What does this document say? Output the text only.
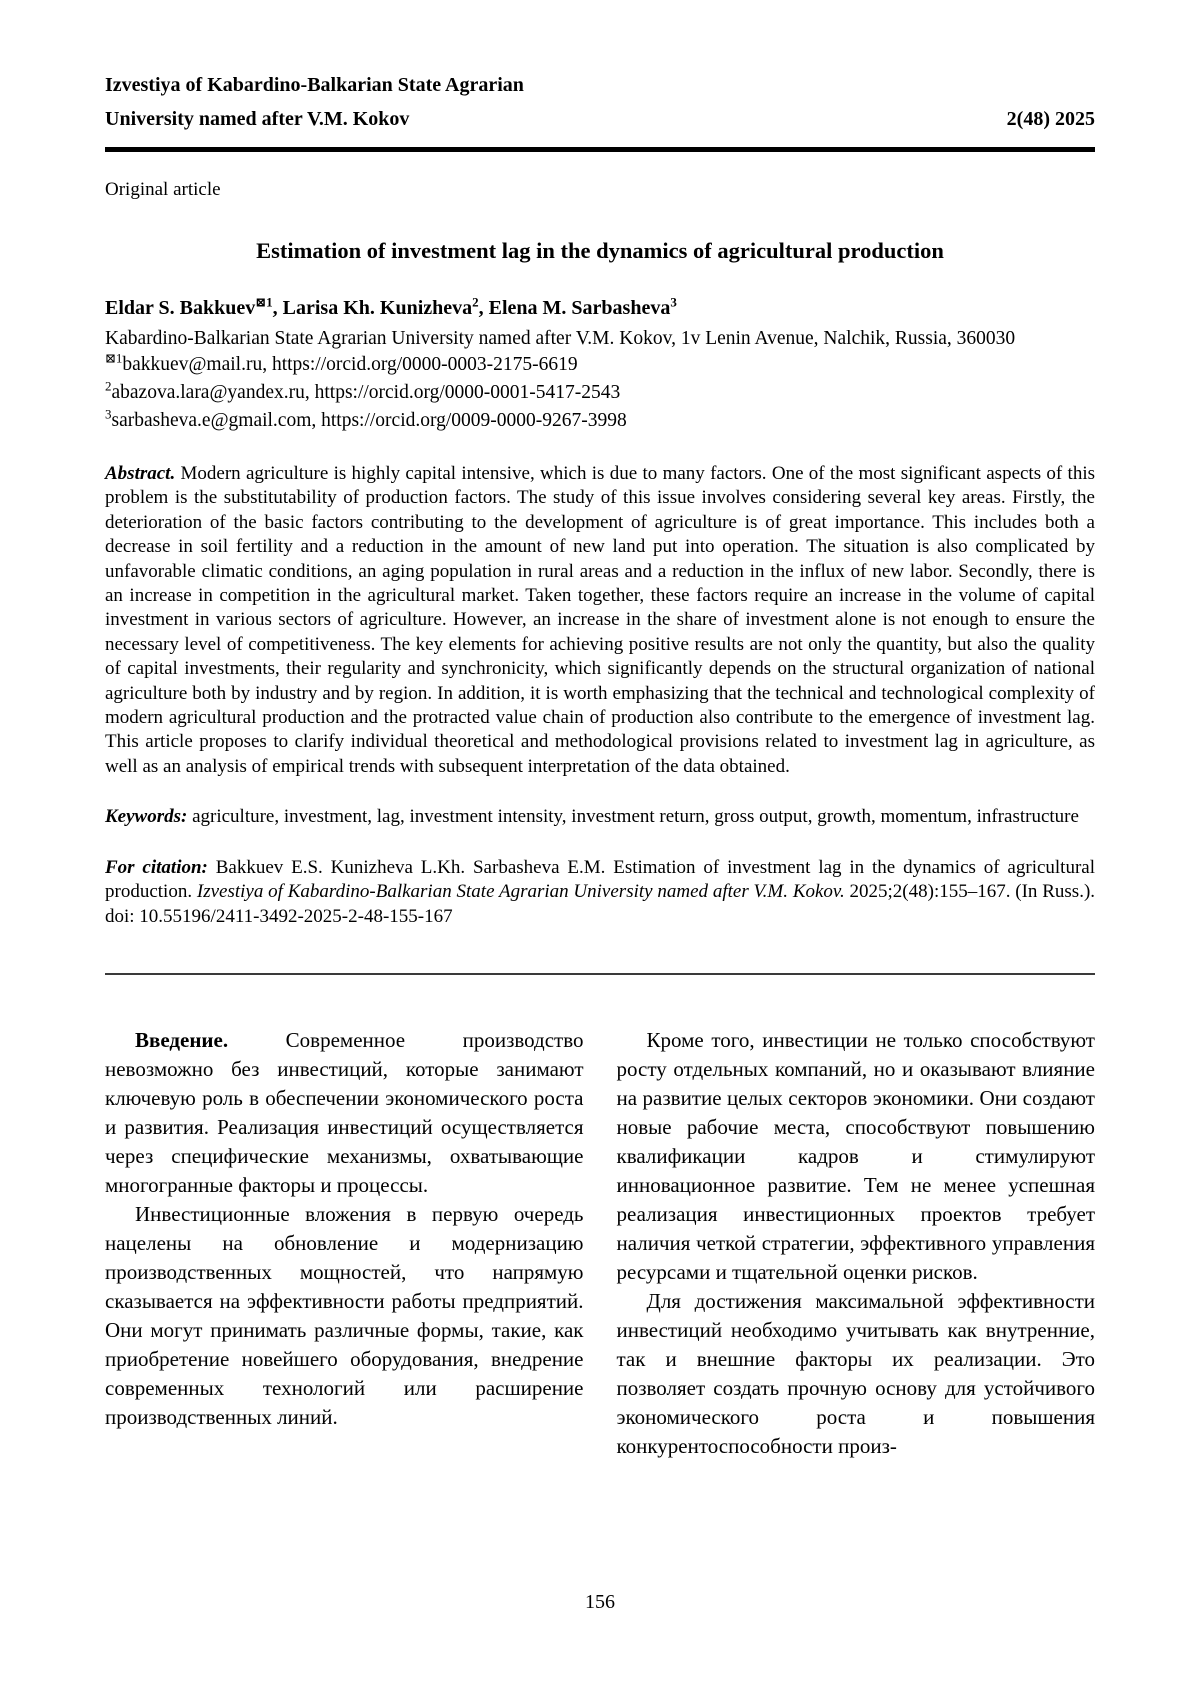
Izvestiya of Kabardino-Balkarian State Agrarian
University named after V.M. Kokov	2(48) 2025
Original article
Estimation of investment lag in the dynamics of agricultural production
Eldar S. Bakkuev$^{⊠1}$, Larisa Kh. Kunizheva$^2$, Elena M. Sarbasheva$^3$
Kabardino-Balkarian State Agrarian University named after V.M. Kokov, 1v Lenin Avenue, Nalchik, Russia, 360030
$^{⊠1}$bakkuev@mail.ru, https://orcid.org/0000-0003-2175-6619
$^2$abazova.lara@yandex.ru, https://orcid.org/0000-0001-5417-2543
$^3$sarbasheva.e@gmail.com, https://orcid.org/0009-0000-9267-3998

Abstract. Modern agriculture is highly capital intensive, which is due to many factors. One of the most significant aspects of this problem is the substitutability of production factors. The study of this issue involves considering several key areas. Firstly, the deterioration of the basic factors contributing to the development of agriculture is of great importance. This includes both a decrease in soil fertility and a reduction in the amount of new land put into operation. The situation is also complicated by unfavorable climatic conditions, an aging population in rural areas and a reduction in the influx of new labor. Secondly, there is an increase in competition in the agricultural market. Taken together, these factors require an increase in the volume of capital investment in various sectors of agriculture. However, an increase in the share of investment alone is not enough to ensure the necessary level of competitiveness. The key elements for achieving positive results are not only the quantity, but also the quality of capital investments, their regularity and synchronicity, which significantly depends on the structural organization of national agriculture both by industry and by region. In addition, it is worth emphasizing that the technical and technological complexity of modern agricultural production and the protracted value chain of production also contribute to the emergence of investment lag. This article proposes to clarify individual theoretical and methodological provisions related to investment lag in agriculture, as well as an analysis of empirical trends with subsequent interpretation of the data obtained.

Keywords: agriculture, investment, lag, investment intensity, investment return, gross output, growth, momentum, infrastructure

For citation: Bakkuev E.S. Kunizheva L.Kh. Sarbasheva E.M. Estimation of investment lag in the dynamics of agricultural production. Izvestiya of Kabardino-Balkarian State Agrarian University named after V.M. Kokov. 2025;2(48):155–167. (In Russ.). doi: 10.55196/2411-3492-2025-2-48-155-167

Введение.	Современное производство невозможно без инвестиций, которые занимают ключевую роль в обеспечении экономического роста и развития. Реализация инвестиций осуществляется через специфические механизмы, охватывающие многогранные факторы и процессы.

Инвестиционные вложения в первую очередь нацелены на обновление и модернизацию производственных мощностей, что напрямую сказывается на эффективности работы предприятий. Они могут принимать различные формы, такие, как приобретение новейшего оборудования, внедрение современных технологий или расширение производственных линий.

Кроме того, инвестиции не только способствуют росту отдельных компаний, но и оказывают влияние на развитие целых секторов экономики. Они создают новые рабочие места, способствуют повышению квалификации кадров и стимулируют инновационное развитие. Тем не менее успешная реализация инвестиционных проектов требует наличия четкой стратегии, эффективного управления ресурсами и тщательной оценки рисков.

Для достижения максимальной эффективности инвестиций необходимо учитывать как внутренние, так и внешние факторы их реализации. Это позволяет создать прочную основу для устойчивого экономического роста и повышения конкурентоспособности произ-

156
